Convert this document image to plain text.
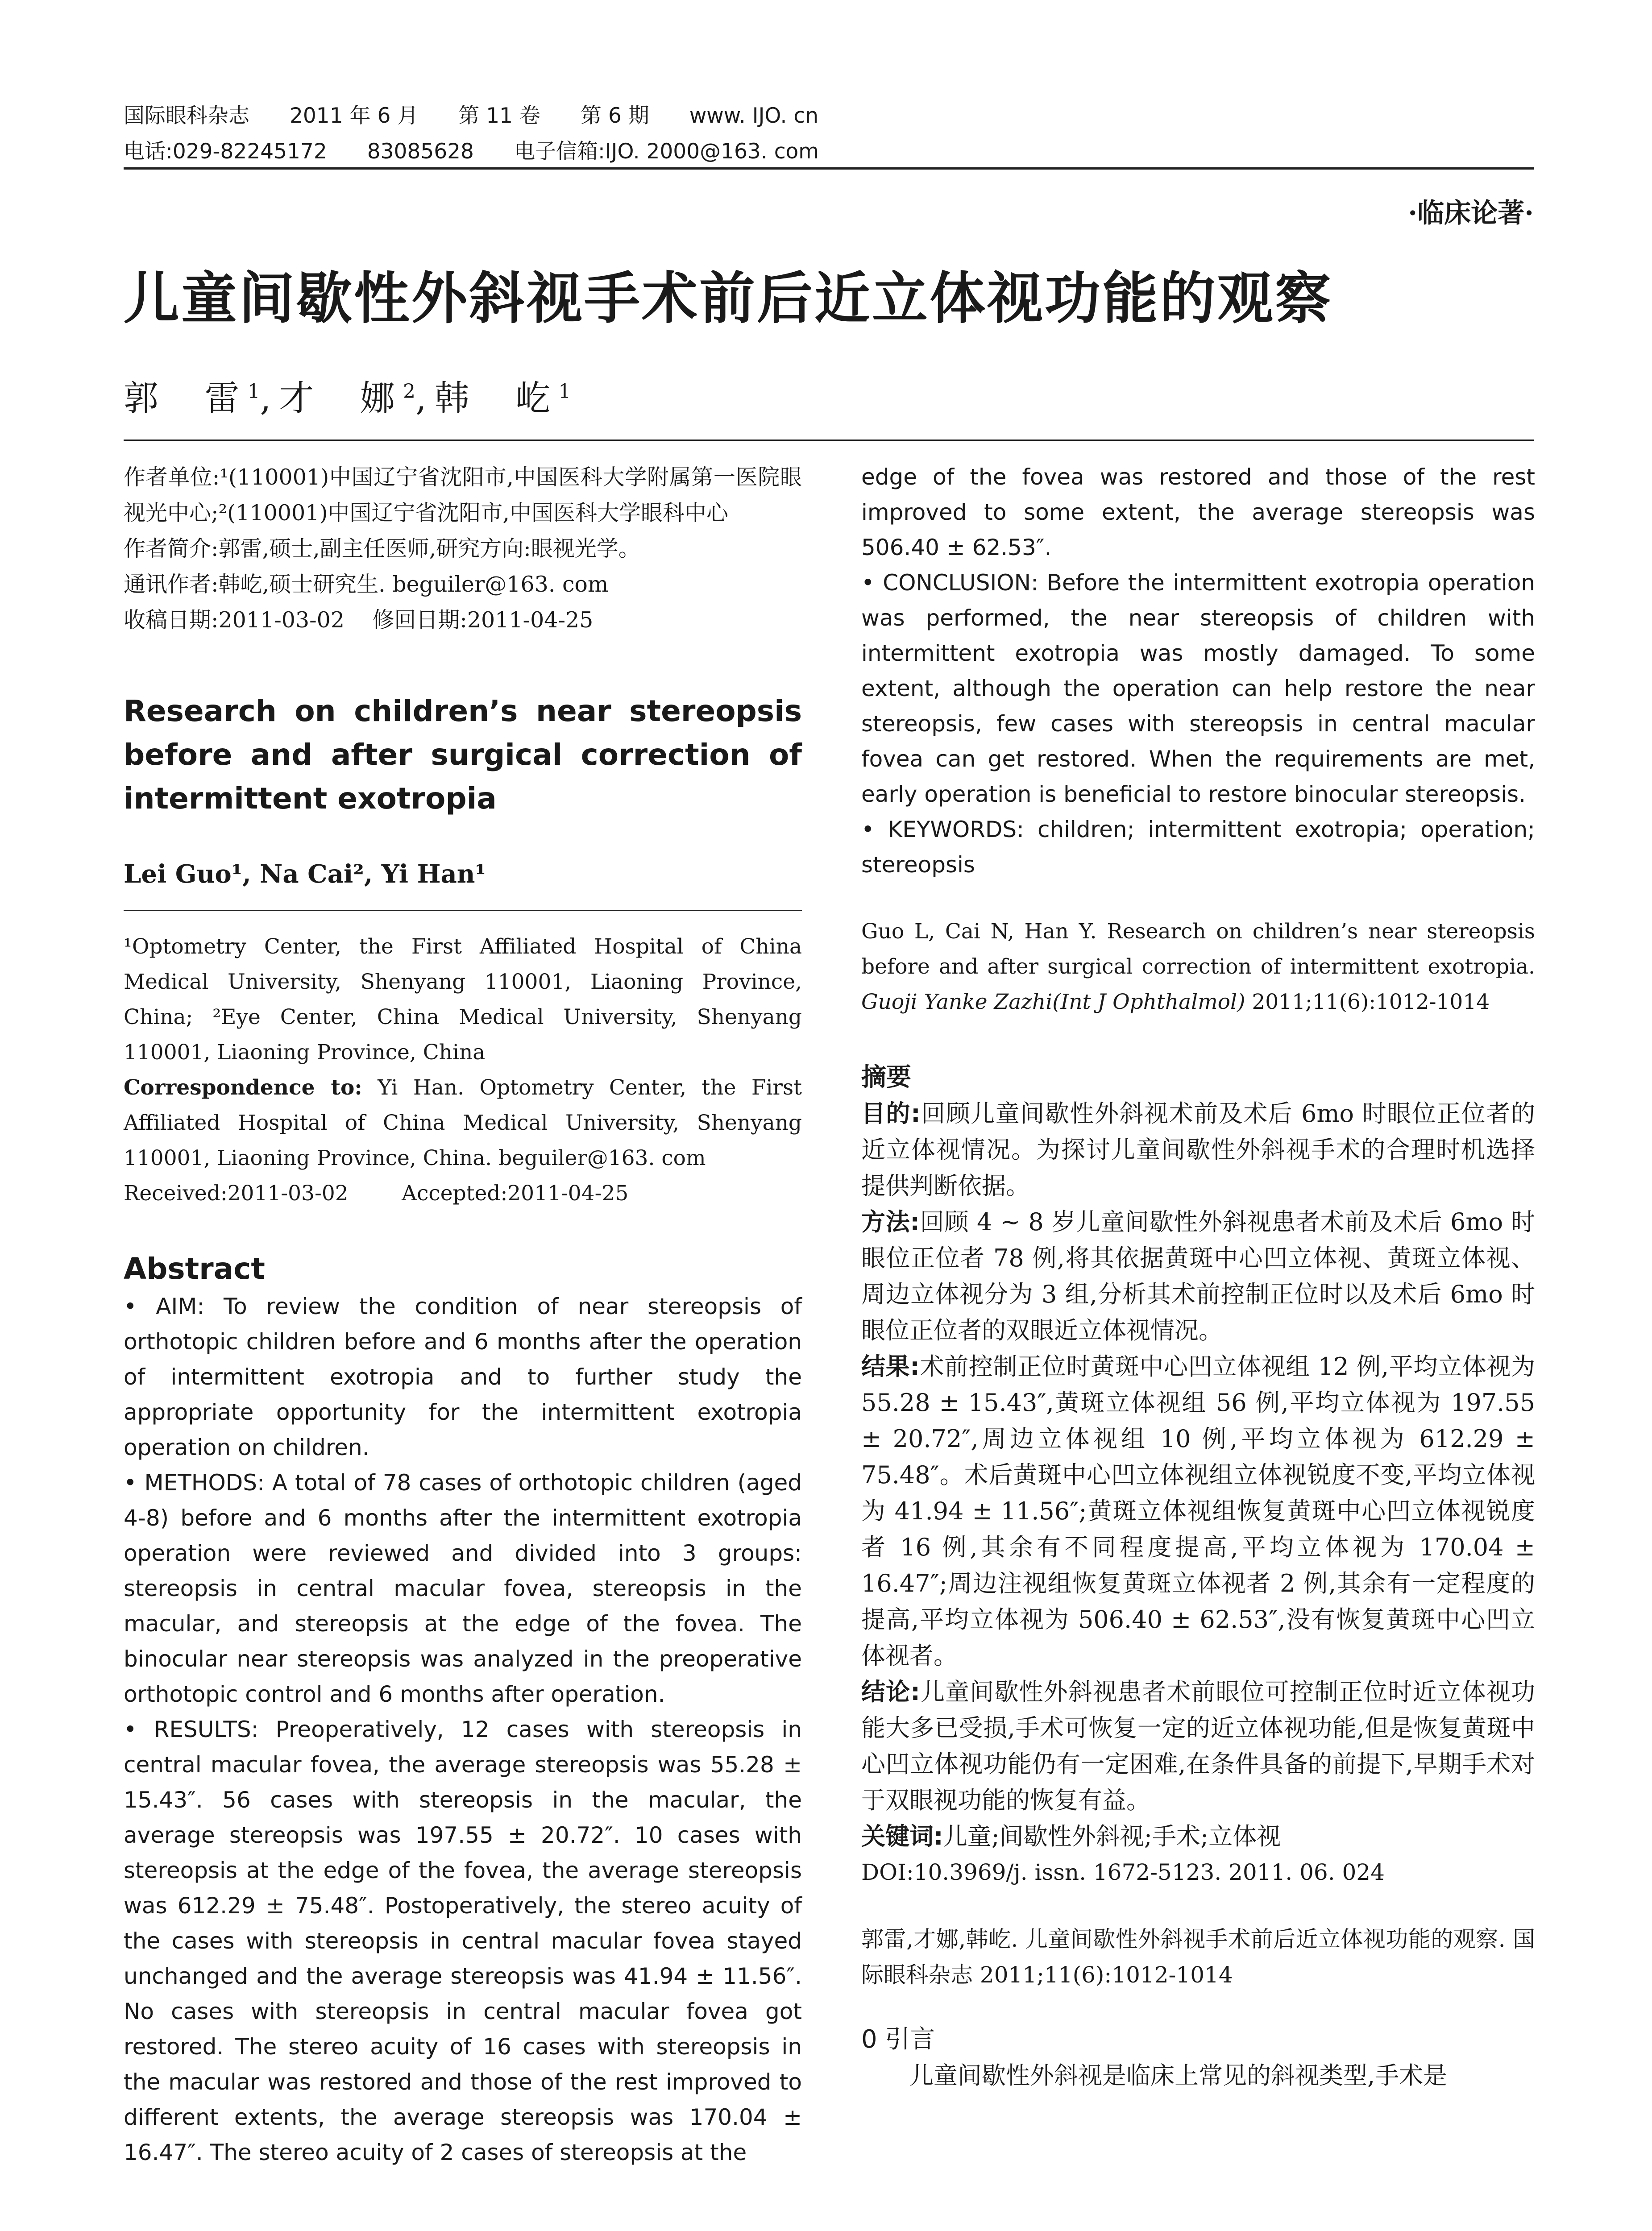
国际眼科杂志 2011 年 6 月 第 11 卷 第 6 期 www. IJO. cn
电话:029-82245172 83085628 电子信箱:IJO. 2000@163. com
·临床论著·
儿童间歇性外斜视手术前后近立体视功能的观察
郭  雷$^1$,才  娜$^2$,韩  屹$^1$
作者单位:¹(110001)中国辽宁省沈阳市,中国医科大学附属第一医院眼视光中心;²(110001)中国辽宁省沈阳市,中国医科大学眼科中心
作者简介:郭雷,硕士,副主任医师,研究方向:眼视光学。
通讯作者:韩屹,硕士研究生. beguiler@163. com
收稿日期:2011-03-02    修回日期:2011-04-25
Research on children’s near stereopsis before and after surgical correction of intermittent exotropia
Lei Guo¹, Na Cai², Yi Han¹
¹Optometry Center, the First Affiliated Hospital of China Medical University, Shenyang 110001, Liaoning Province, China; ²Eye Center, China Medical University, Shenyang 110001, Liaoning Province, China
Correspondence to: Yi Han. Optometry Center, the First Affiliated Hospital of China Medical University, Shenyang 110001, Liaoning Province, China. beguiler@163. com
Received:2011-03-02        Accepted:2011-04-25
Abstract
• AIM: To review the condition of near stereopsis of orthotopic children before and 6 months after the operation of intermittent exotropia and to further study the appropriate opportunity for the intermittent exotropia operation on children.
• METHODS: A total of 78 cases of orthotopic children (aged 4-8) before and 6 months after the intermittent exotropia operation were reviewed and divided into 3 groups: stereopsis in central macular fovea, stereopsis in the macular, and stereopsis at the edge of the fovea. The binocular near stereopsis was analyzed in the preoperative orthotopic control and 6 months after operation.
• RESULTS: Preoperatively, 12 cases with stereopsis in central macular fovea, the average stereopsis was 55.28 ± 15.43″. 56 cases with stereopsis in the macular, the average stereopsis was 197.55 ± 20.72″. 10 cases with stereopsis at the edge of the fovea, the average stereopsis was 612.29 ± 75.48″. Postoperatively, the stereo acuity of the cases with stereopsis in central macular fovea stayed unchanged and the average stereopsis was 41.94 ± 11.56″. No cases with stereopsis in central macular fovea got restored. The stereo acuity of 16 cases with stereopsis in the macular was restored and those of the rest improved to different extents, the average stereopsis was 170.04 ± 16.47″. The stereo acuity of 2 cases of stereopsis at the
edge of the fovea was restored and those of the rest improved to some extent, the average stereopsis was 506.40 ± 62.53″.
• CONCLUSION: Before the intermittent exotropia operation was performed, the near stereopsis of children with intermittent exotropia was mostly damaged. To some extent, although the operation can help restore the near stereopsis, few cases with stereopsis in central macular fovea can get restored. When the requirements are met, early operation is beneficial to restore binocular stereopsis.
• KEYWORDS: children; intermittent exotropia; operation; stereopsis
Guo L, Cai N, Han Y. Research on children’s near stereopsis before and after surgical correction of intermittent exotropia. Guoji Yanke Zazhi(Int J Ophthalmol) 2011;11(6):1012-1014
摘要
目的:回顾儿童间歇性外斜视术前及术后 6mo 时眼位正位者的近立体视情况。为探讨儿童间歇性外斜视手术的合理时机选择提供判断依据。
方法:回顾 4 ~ 8 岁儿童间歇性外斜视患者术前及术后 6mo 时眼位正位者 78 例,将其依据黄斑中心凹立体视、黄斑立体视、周边立体视分为 3 组,分析其术前控制正位时以及术后 6mo 时眼位正位者的双眼近立体视情况。
结果:术前控制正位时黄斑中心凹立体视组 12 例,平均立体视为 55.28 ± 15.43″,黄斑立体视组 56 例,平均立体视为 197.55 ± 20.72″,周边立体视组 10 例,平均立体视为 612.29 ± 75.48″。术后黄斑中心凹立体视组立体视锐度不变,平均立体视为 41.94 ± 11.56″;黄斑立体视组恢复黄斑中心凹立体视锐度者 16 例,其余有不同程度提高,平均立体视为 170.04 ± 16.47″;周边注视组恢复黄斑立体视者 2 例,其余有一定程度的提高,平均立体视为 506.40 ± 62.53″,没有恢复黄斑中心凹立体视者。
结论:儿童间歇性外斜视患者术前眼位可控制正位时近立体视功能大多已受损,手术可恢复一定的近立体视功能,但是恢复黄斑中心凹立体视功能仍有一定困难,在条件具备的前提下,早期手术对于双眼视功能的恢复有益。
关键词:儿童;间歇性外斜视;手术;立体视
DOI:10.3969/j. issn. 1672-5123. 2011. 06. 024
郭雷,才娜,韩屹. 儿童间歇性外斜视手术前后近立体视功能的观察. 国际眼科杂志 2011;11(6):1012-1014
0 引言
儿童间歇性外斜视是临床上常见的斜视类型,手术是
